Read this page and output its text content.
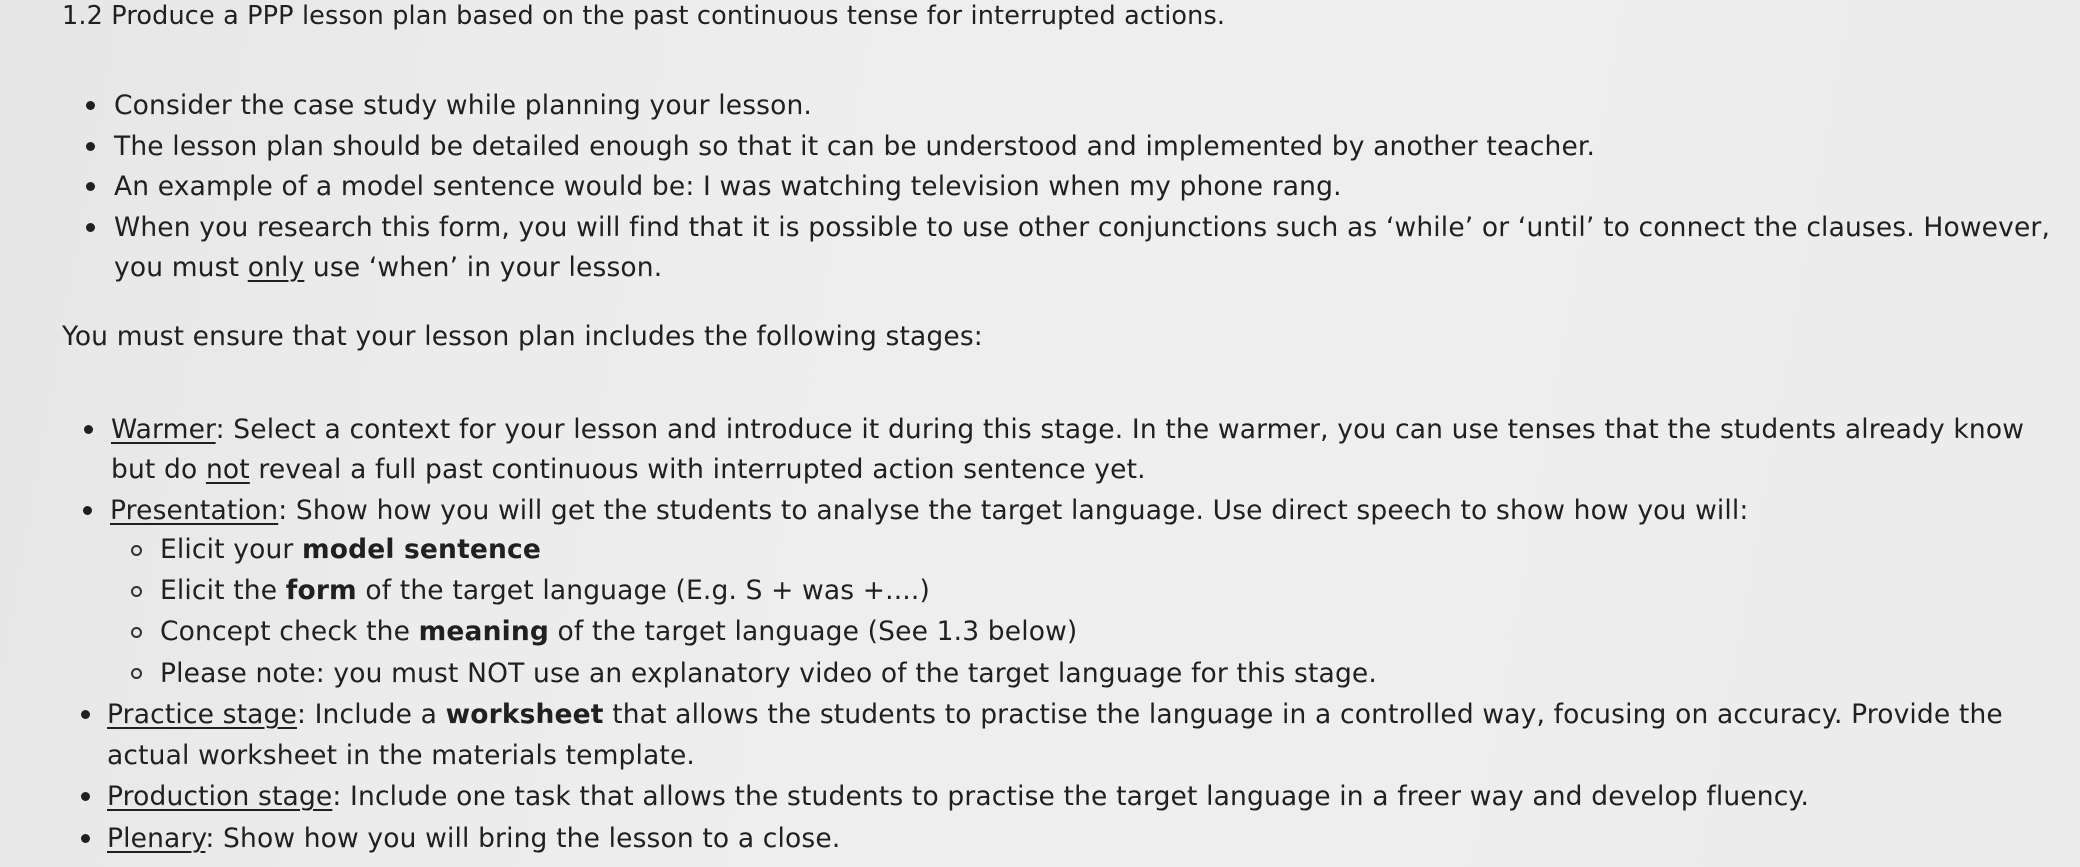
1.2 Produce a PPP lesson plan based on the past continuous tense for interrupted actions.
Consider the case study while planning your lesson.
The lesson plan should be detailed enough so that it can be understood and implemented by another teacher.
An example of a model sentence would be: I was watching television when my phone rang.
When you research this form, you will find that it is possible to use other conjunctions such as ‘while’ or ‘until’ to connect the clauses. However,
you must only use ‘when’ in your lesson.
You must ensure that your lesson plan includes the following stages:
Warmer: Select a context for your lesson and introduce it during this stage. In the warmer, you can use tenses that the students already know
but do not reveal a full past continuous with interrupted action sentence yet.
Presentation: Show how you will get the students to analyse the target language. Use direct speech to show how you will:
Elicit your model sentence
Elicit the form of the target language (E.g. S + was +....)
Concept check the meaning of the target language (See 1.3 below)
Please note: you must NOT use an explanatory video of the target language for this stage.
Practice stage: Include a worksheet that allows the students to practise the language in a controlled way, focusing on accuracy. Provide the
actual worksheet in the materials template.
Production stage: Include one task that allows the students to practise the target language in a freer way and develop fluency.
Plenary: Show how you will bring the lesson to a close.
